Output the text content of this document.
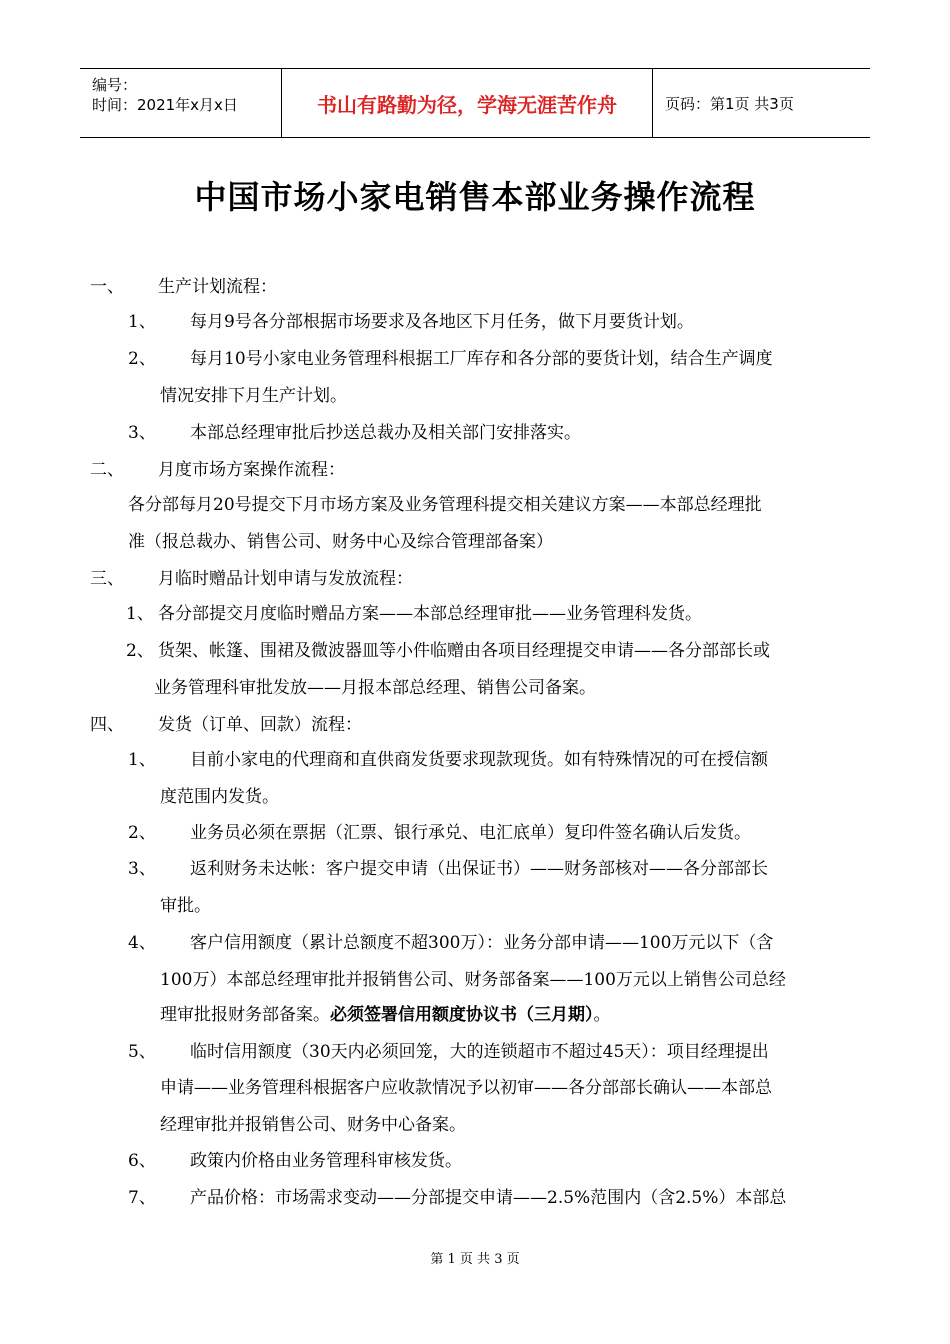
编号：
时间：2021年x月x日	书山有路勤为径，学海无涯苦作舟	页码：第1页 共3页
中国市场小家电销售本部业务操作流程
一、 生产计划流程：
1、 每月9号各分部根据市场要求及各地区下月任务，做下月要货计划。
2、 每月10号小家电业务管理科根据工厂库存和各分部的要货计划，结合生产调度
情况安排下月生产计划。
3、 本部总经理审批后抄送总裁办及相关部门安排落实。
二、 月度市场方案操作流程：
各分部每月20号提交下月市场方案及业务管理科提交相关建议方案——本部总经理批
准（报总裁办、销售公司、财务中心及综合管理部备案）
三、 月临时赠品计划申请与发放流程：
1、 各分部提交月度临时赠品方案——本部总经理审批——业务管理科发货。
2、 货架、帐篷、围裙及微波器皿等小件临赠由各项目经理提交申请——各分部部长或
业务管理科审批发放——月报本部总经理、销售公司备案。
四、 发货（订单、回款）流程：
1、 目前小家电的代理商和直供商发货要求现款现货。如有特殊情况的可在授信额
度范围内发货。
2、 业务员必须在票据（汇票、银行承兑、电汇底单）复印件签名确认后发货。
3、 返利财务未达帐：客户提交申请（出保证书）——财务部核对——各分部部长
审批。
4、 客户信用额度（累计总额度不超300万）：业务分部申请——100万元以下（含
100万）本部总经理审批并报销售公司、财务部备案——100万元以上销售公司总经
理审批报财务部备案。必须签署信用额度协议书（三月期）。
5、 临时信用额度（30天内必须回笼，大的连锁超市不超过45天）：项目经理提出
申请——业务管理科根据客户应收款情况予以初审——各分部部长确认——本部总
经理审批并报销售公司、财务中心备案。
6、 政策内价格由业务管理科审核发货。
7、 产品价格：市场需求变动——分部提交申请——2.5%范围内（含2.5%）本部总
第 1 页 共 3 页
